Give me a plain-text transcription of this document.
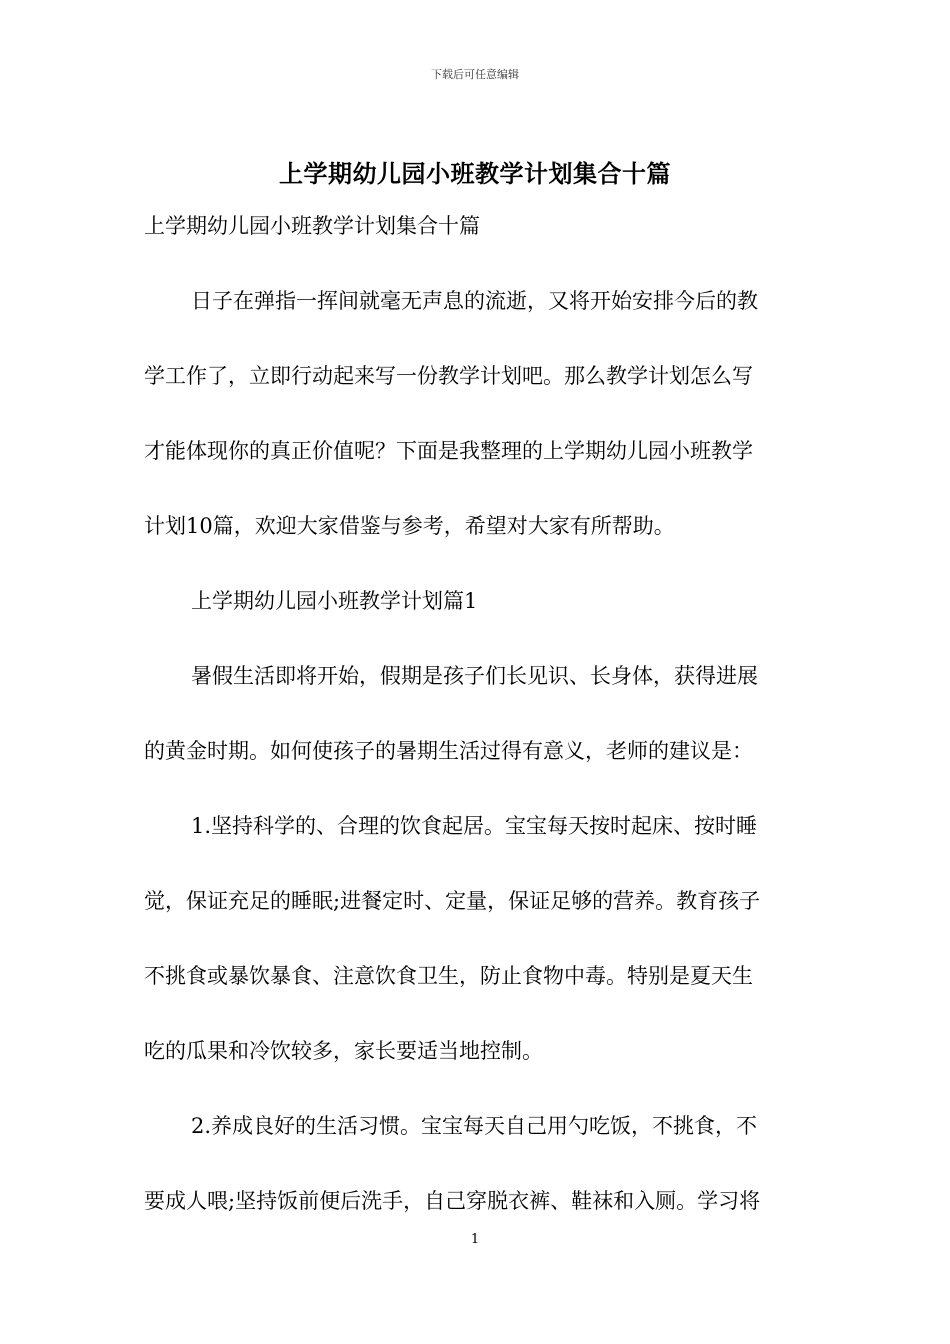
下载后可任意编辑
上学期幼儿园小班教学计划集合十篇
上学期幼儿园小班教学计划集合十篇
日子在弹指一挥间就毫无声息的流逝，又将开始安排今后的教
学工作了，立即行动起来写一份教学计划吧。那么教学计划怎么写
才能体现你的真正价值呢？下面是我整理的上学期幼儿园小班教学
计划10篇，欢迎大家借鉴与参考，希望对大家有所帮助。
上学期幼儿园小班教学计划篇1
暑假生活即将开始，假期是孩子们长见识、长身体，获得进展
的黄金时期。如何使孩子的暑期生活过得有意义，老师的建议是：
1.坚持科学的、合理的饮食起居。宝宝每天按时起床、按时睡
觉，保证充足的睡眠;进餐定时、定量，保证足够的营养。教育孩子
不挑食或暴饮暴食、注意饮食卫生，防止食物中毒。特别是夏天生
吃的瓜果和冷饮较多，家长要适当地控制。
2.养成良好的生活习惯。宝宝每天自己用勺吃饭，不挑食，不
要成人喂;坚持饭前便后洗手，自己穿脱衣裤、鞋袜和入厕。学习将
1
